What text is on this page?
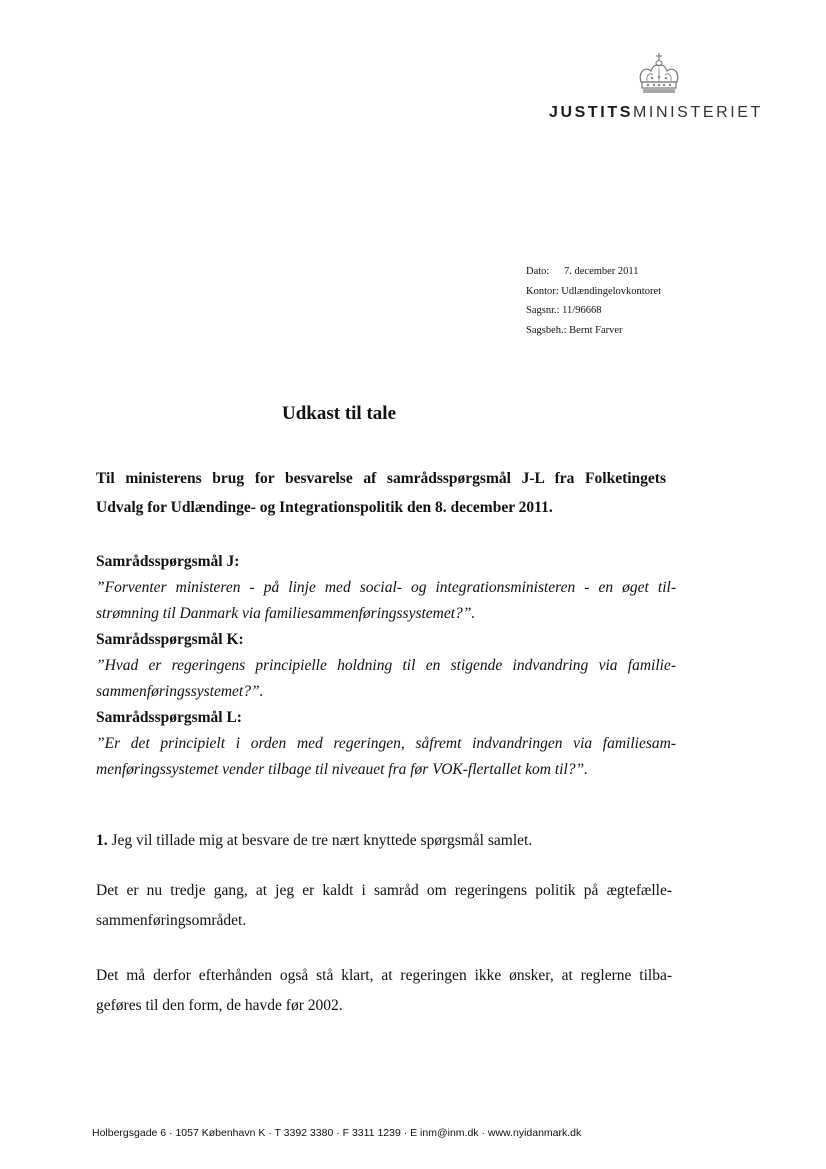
JUSTITSMINISTERIET
Dato: 7. december 2011
Kontor: Udlændingelovkontoret
Sagsnr.: 11/96668
Sagsbeh.: Bernt Farver
Udkast til tale
Til ministerens brug for besvarelse af samrådsspørgsmål J-L fra Folketingets
Udvalg for Udlændinge- og Integrationspolitik den 8. december 2011.
Samrådsspørgsmål J:
”Forventer ministeren - på linje med social- og integrationsministeren - en øget til-
strømning til Danmark via familiesammenføringssystemet?”.
Samrådsspørgsmål K:
”Hvad er regeringens principielle holdning til en stigende indvandring via familie-
sammenføringssystemet?”.
Samrådsspørgsmål L:
”Er det principielt i orden med regeringen, såfremt indvandringen via familiesam-
menføringssystemet vender tilbage til niveauet fra før VOK-flertallet kom til?”.
1. Jeg vil tillade mig at besvare de tre nært knyttede spørgsmål samlet.
Det er nu tredje gang, at jeg er kaldt i samråd om regeringens politik på ægtefælle-
sammenføringsområdet.
Det må derfor efterhånden også stå klart, at regeringen ikke ønsker, at reglerne tilba-
geføres til den form, de havde før 2002.
Holbergsgade 6 · 1057 København K · T 3392 3380 · F 3311 1239 · E inm@inm.dk · www.nyidanmark.dk
